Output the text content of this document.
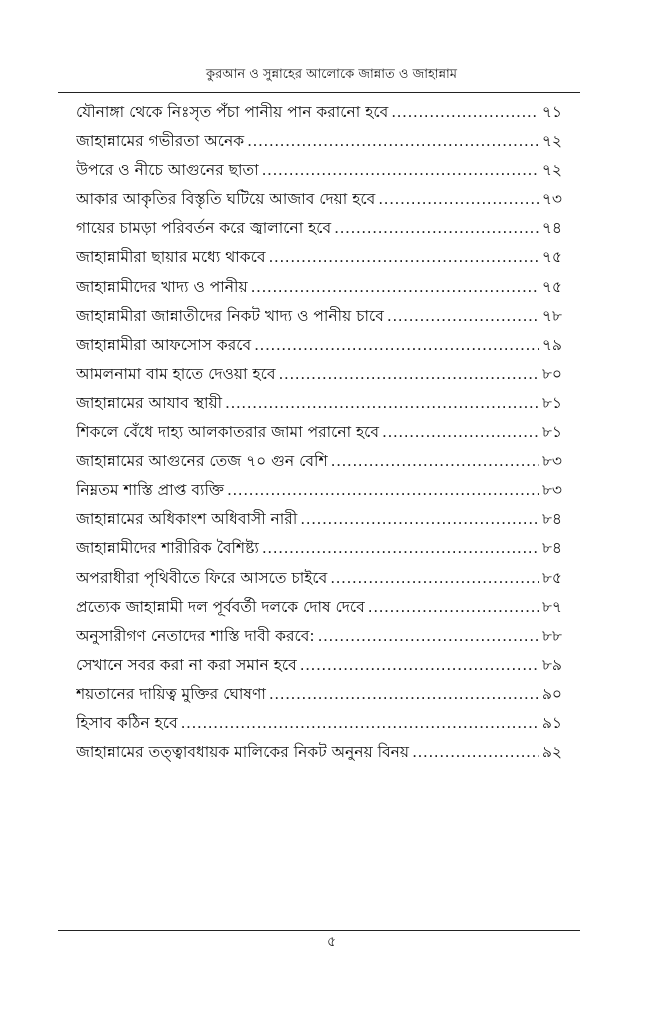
কুরআন ও সুন্নাহের আলোকে জান্নাত ও জাহান্নাম
যৌনাঙ্গা থেকে নিঃসৃত পঁচা পানীয় পান করানো হবে .....	৭১
জাহান্নামের গভীরতা অনেক .....	৭২
উপরে ও নীচে আগুনের ছাতা .....	৭২
আকার আকৃতির বিস্তৃতি ঘটিয়ে আজাব দেয়া হবে .....	৭৩
গায়ের চামড়া পরিবর্তন করে জ্বালানো হবে .....	৭৪
জাহান্নামীরা ছায়ার মধ্যে থাকবে .....	৭৫
জাহান্নামীদের খাদ্য ও পানীয় .....	৭৫
জাহান্নামীরা জান্নাতীদের নিকট খাদ্য ও পানীয় চাবে .....	৭৮
জাহান্নামীরা আফসোস করবে .....	৭৯
আমলনামা বাম হাতে দেওয়া হবে .....	৮০
জাহান্নামের আযাব স্থায়ী .....	৮১
শিকলে বেঁধে দাহ্য আলকাতরার জামা পরানো হবে .....	৮১
জাহান্নামের আগুনের তেজ ৭০ গুন বেশি .....	৮৩
নিম্নতম শাস্তি প্রাপ্ত ব্যক্তি .....	৮৩
জাহান্নামের অধিকাংশ অধিবাসী নারী .....	৮৪
জাহান্নামীদের শারীরিক বৈশিষ্ট্য .....	৮৪
অপরাধীরা পৃথিবীতে ফিরে আসতে চাইবে .....	৮৫
প্রত্যেক জাহান্নামী দল পূর্ববর্তী দলকে দোষ দেবে .....	৮৭
অনুসারীগণ নেতাদের শাস্তি দাবী করবে: .....	৮৮
সেখানে সবর করা না করা সমান হবে .....	৮৯
শয়তানের দায়িত্ব মুক্তির ঘোষণা .....	৯০
হিসাব কঠিন হবে .....	৯১
জাহান্নামের তত্ত্বাবধায়ক মালিকের নিকট অনুনয় বিনয় .....	৯২
৫
